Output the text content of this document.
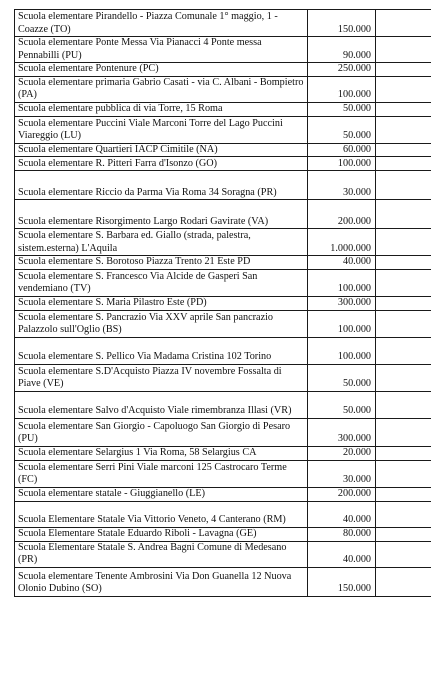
Scuola elementare Pirandello - Piazza Comunale 1° maggio, 1 - Coazze (TO)	150.000	
Scuola elementare Ponte Messa Via Pianacci 4 Ponte messa Pennabilli (PU)	90.000	
Scuola elementare Pontenure (PC)	250.000	
Scuola elementare primaria Gabrio Casati - via C. Albani - Bompietro (PA)	100.000	
Scuola elementare pubblica di via Torre, 15 Roma	50.000	
Scuola elementare Puccini Viale Marconi Torre del Lago Puccini Viareggio (LU)	50.000	
Scuola elementare Quartieri IACP Cimitile (NA)	60.000	
Scuola elementare R. Pitteri Farra d'Isonzo (GO)	100.000	
Scuola elementare Riccio da Parma Via Roma 34 Soragna (PR)	30.000	
Scuola elementare Risorgimento Largo Rodari Gavirate (VA)	200.000	
Scuola elementare S. Barbara ed. Giallo (strada, palestra, sistem.esterna) L'Aquila	1.000.000	
Scuola elementare S. Borotoso Piazza Trento 21 Este PD	40.000	
Scuola elementare S. Francesco Via Alcide de Gasperi San vendemiano (TV)	100.000	
Scuola elementare S. Maria Pilastro Este (PD)	300.000	
Scuola elementare S. Pancrazio Via XXV aprile San pancrazio Palazzolo sull'Oglio (BS)	100.000	
Scuola elementare S. Pellico Via Madama Cristina 102 Torino	100.000	
Scuola elementare S.D'Acquisto Piazza IV novembre Fossalta di Piave (VE)	50.000	
Scuola elementare Salvo d'Acquisto Viale rimembranza Illasi (VR)	50.000	
Scuola elementare San Giorgio - Capoluogo San Giorgio di Pesaro (PU)	300.000	
Scuola elementare Selargius 1 Via Roma, 58 Selargius CA	20.000	
Scuola elementare Serri Pini Viale marconi 125 Castrocaro Terme (FC)	30.000	
Scuola elementare statale - Giuggianello (LE)	200.000	
Scuola Elementare Statale Via Vittorio Veneto, 4 Canterano (RM)	40.000	
Scuola Elementare Statale Eduardo Riboli - Lavagna (GE)	80.000	
Scuola Elementare Statale S. Andrea Bagni Comune di Medesano (PR)	40.000	
Scuola elementare Tenente Ambrosini Via Don Guanella 12 Nuova Olonio Dubino (SO)	150.000	
